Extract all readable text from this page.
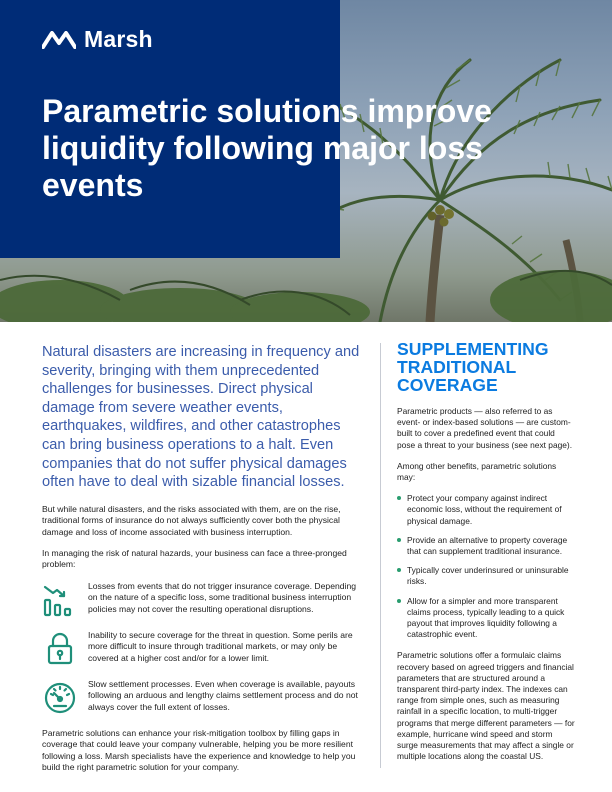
Marsh
Parametric solutions improve liquidity following major loss events

Natural disasters are increasing in frequency and severity, bringing with them unprecedented challenges for businesses. Direct physical damage from severe weather events, earthquakes, wildfires, and other catastrophes can bring business operations to a halt. Even companies that do not suffer physical damages often have to deal with sizable financial losses.

But while natural disasters, and the risks associated with them, are on the rise, traditional forms of insurance do not always sufficiently cover both the physical damage and loss of income associated with business interruption.

In managing the risk of natural hazards, your business can face a three-pronged problem:

Losses from events that do not trigger insurance coverage. Depending on the nature of a specific loss, some traditional business interruption policies may not cover the resulting operational disruptions.

Inability to secure coverage for the threat in question. Some perils are more difficult to insure through traditional markets, or may only be covered at a higher cost and/or for a lower limit.

Slow settlement processes. Even when coverage is available, payouts following an arduous and lengthy claims settlement process and do not always cover the full extent of losses.

Parametric solutions can enhance your risk-mitigation toolbox by filling gaps in coverage that could leave your company vulnerable, helping you be more resilient following a loss. Marsh specialists have the experience and knowledge to help you build the right parametric solution for your company.

SUPPLEMENTING TRADITIONAL COVERAGE

Parametric products — also referred to as event- or index-based solutions — are custom-built to cover a predefined event that could pose a threat to your business (see next page).

Among other benefits, parametric solutions may:

Protect your company against indirect economic loss, without the requirement of physical damage.
Provide an alternative to property coverage that can supplement traditional insurance.
Typically cover underinsured or uninsurable risks.
Allow for a simpler and more transparent claims process, typically leading to a quick payout that improves liquidity following a catastrophic event.

Parametric solutions offer a formulaic claims recovery based on agreed triggers and financial parameters that are structured around a transparent third-party index. The indexes can range from simple ones, such as measuring rainfall in a specific location, to multi-trigger programs that merge different parameters — for example, hurricane wind speed and storm surge measurements that may affect a single or multiple locations along the coastal US.
